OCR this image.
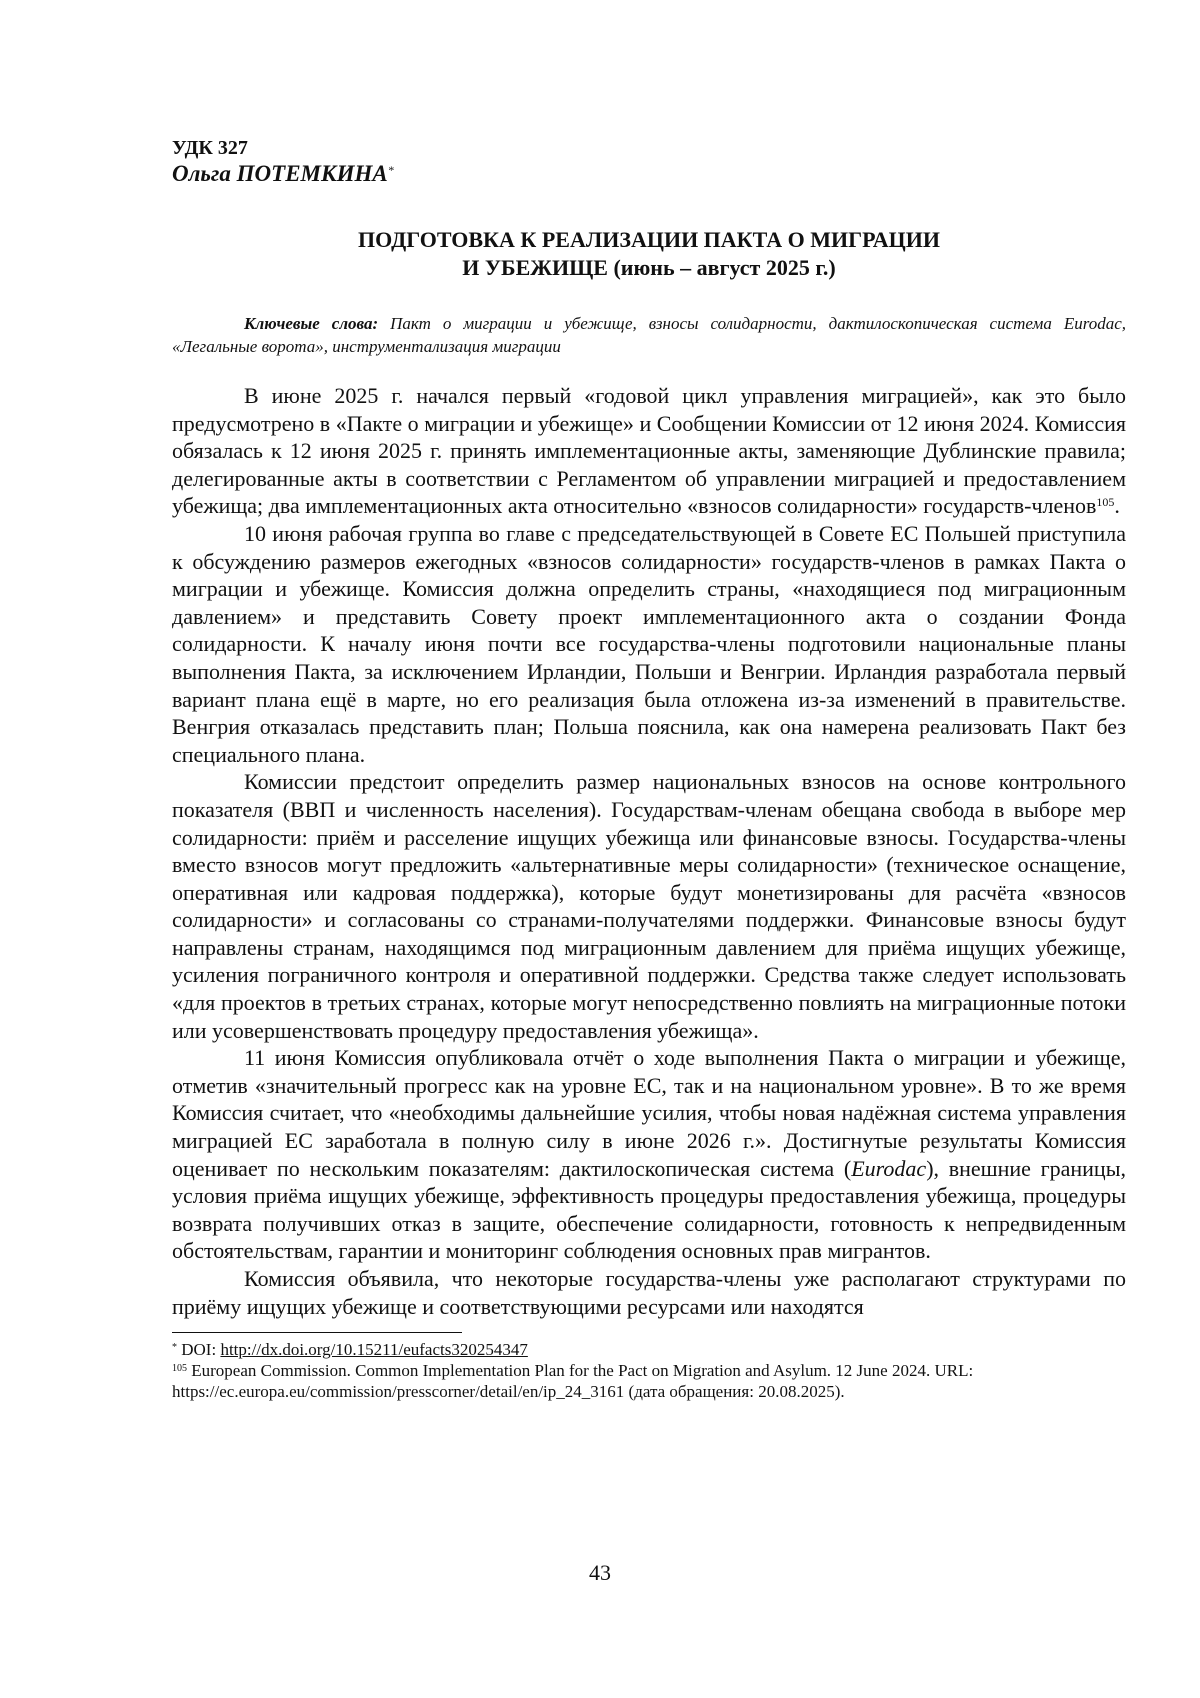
УДК 327

Ольга ПОТЕМКИНА*

ПОДГОТОВКА К РЕАЛИЗАЦИИ ПАКТА О МИГРАЦИИ
И УБЕЖИЩЕ (июнь – август 2025 г.)

Ключевые слова: Пакт о миграции и убежище, взносы солидарности, дактилоскопическая система Eurodac, «Легальные ворота», инструментализация миграции

В июне 2025 г. начался первый «годовой цикл управления миграцией», как это было предусмотрено в «Пакте о миграции и убежище» и Сообщении Комиссии от 12 июня 2024. Комиссия обязалась к 12 июня 2025 г. принять имплементационные акты, заменяющие Дублинские правила; делегированные акты в соответствии с Регламентом об управлении миграцией и предоставлением убежища; два имплементационных акта относительно «взносов солидарности» государств-членов$^{105}$.

10 июня рабочая группа во главе с председательствующей в Совете ЕС Польшей приступила к обсуждению размеров ежегодных «взносов солидарности» государств-членов в рамках Пакта о миграции и убежище. Комиссия должна определить страны, «находящиеся под миграционным давлением» и представить Совету проект имплементационного акта о создании Фонда солидарности. К началу июня почти все государства-члены подготовили национальные планы выполнения Пакта, за исключением Ирландии, Польши и Венгрии. Ирландия разработала первый вариант плана ещё в марте, но его реализация была отложена из-за изменений в правительстве. Венгрия отказалась представить план; Польша пояснила, как она намерена реализовать Пакт без специального плана.

Комиссии предстоит определить размер национальных взносов на основе контрольного показателя (ВВП и численность населения). Государствам-членам обещана свобода в выборе мер солидарности: приём и расселение ищущих убежища или финансовые взносы. Государства-члены вместо взносов могут предложить «альтернативные меры солидарности» (техническое оснащение, оперативная или кадровая поддержка), которые будут монетизированы для расчёта «взносов солидарности» и согласованы со странами-получателями поддержки. Финансовые взносы будут направлены странам, находящимся под миграционным давлением для приёма ищущих убежище, усиления пограничного контроля и оперативной поддержки. Средства также следует использовать «для проектов в третьих странах, которые могут непосредственно повлиять на миграционные потоки или усовершенствовать процедуру предоставления убежища».

11 июня Комиссия опубликовала отчёт о ходе выполнения Пакта о миграции и убежище, отметив «значительный прогресс как на уровне ЕС, так и на национальном уровне». В то же время Комиссия считает, что «необходимы дальнейшие усилия, чтобы новая надёжная система управления миграцией ЕС заработала в полную силу в июне 2026 г.». Достигнутые результаты Комиссия оценивает по нескольким показателям: дактилоскопическая система (Eurodac), внешние границы, условия приёма ищущих убежище, эффективность процедуры предоставления убежища, процедуры возврата получивших отказ в защите, обеспечение солидарности, готовность к непредвиденным обстоятельствам, гарантии и мониторинг соблюдения основных прав мигрантов.

Комиссия объявила, что некоторые государства-члены уже располагают структурами по приёму ищущих убежище и соответствующими ресурсами или находятся

* DOI: http://dx.doi.org/10.15211/eufacts320254347

$^{105}$ European Commission. Common Implementation Plan for the Pact on Migration and Asylum. 12 June 2024. URL: https://ec.europa.eu/commission/presscorner/detail/en/ip_24_3161 (дата обращения: 20.08.2025).

43
